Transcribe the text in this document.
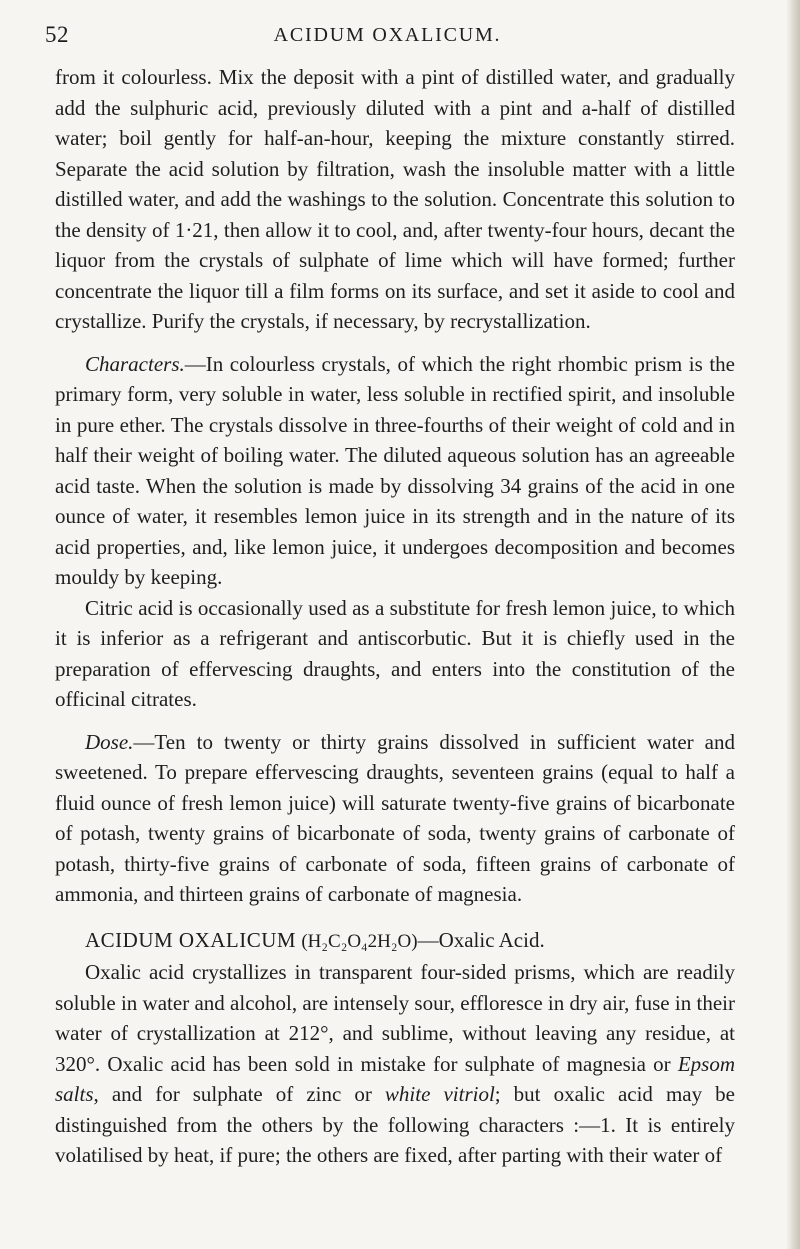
52	ACIDUM OXALICUM.

from it colourless. Mix the deposit with a pint of distilled water, and gradually add the sulphuric acid, previously diluted with a pint and a-half of distilled water; boil gently for half-an-hour, keeping the mixture constantly stirred. Separate the acid solution by filtration, wash the insoluble matter with a little distilled water, and add the washings to the solution. Concentrate this solution to the density of 1·21, then allow it to cool, and, after twenty-four hours, decant the liquor from the crystals of sulphate of lime which will have formed; further concentrate the liquor till a film forms on its surface, and set it aside to cool and crystallize. Purify the crystals, if necessary, by recrystallization.

Characters.—In colourless crystals, of which the right rhombic prism is the primary form, very soluble in water, less soluble in rectified spirit, and insoluble in pure ether. The crystals dissolve in three-fourths of their weight of cold and in half their weight of boiling water. The diluted aqueous solution has an agreeable acid taste. When the solution is made by dissolving 34 grains of the acid in one ounce of water, it resembles lemon juice in its strength and in the nature of its acid properties, and, like lemon juice, it undergoes decomposition and becomes mouldy by keeping.

Citric acid is occasionally used as a substitute for fresh lemon juice, to which it is inferior as a refrigerant and antiscorbutic. But it is chiefly used in the preparation of effervescing draughts, and enters into the constitution of the officinal citrates.

Dose.—Ten to twenty or thirty grains dissolved in sufficient water and sweetened. To prepare effervescing draughts, seventeen grains (equal to half a fluid ounce of fresh lemon juice) will saturate twenty-five grains of bicarbonate of potash, twenty grains of bicarbonate of soda, twenty grains of carbonate of potash, thirty-five grains of carbonate of soda, fifteen grains of carbonate of ammonia, and thirteen grains of carbonate of magnesia.

ACIDUM OXALICUM (H₂C₂O₄2H₂O)—Oxalic Acid.

Oxalic acid crystallizes in transparent four-sided prisms, which are readily soluble in water and alcohol, are intensely sour, effloresce in dry air, fuse in their water of crystallization at 212°, and sublime, without leaving any residue, at 320°. Oxalic acid has been sold in mistake for sulphate of magnesia or Epsom salts, and for sulphate of zinc or white vitriol; but oxalic acid may be distinguished from the others by the following characters :—1. It is entirely volatilised by heat, if pure; the others are fixed, after parting with their water of
